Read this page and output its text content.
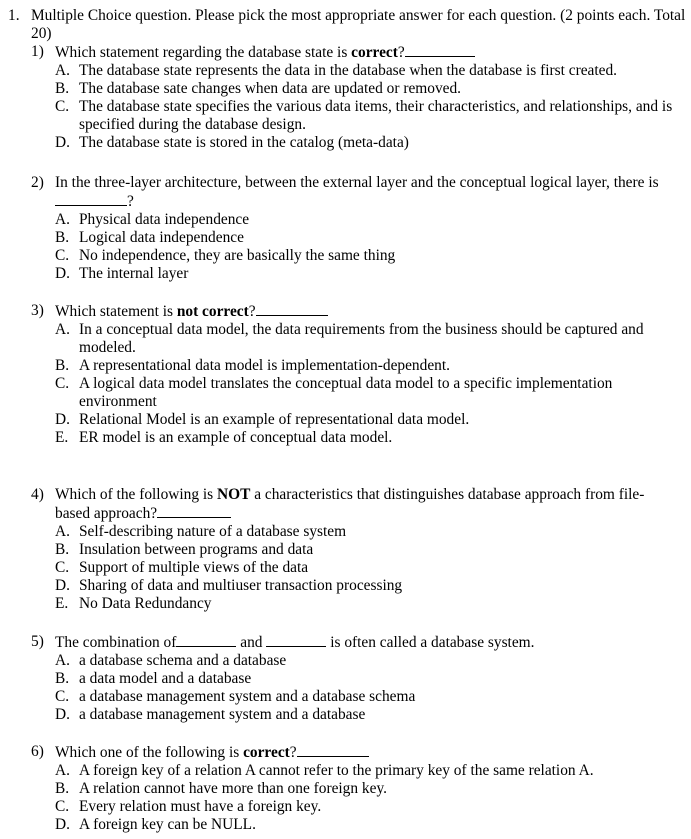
1. Multiple Choice question. Please pick the most appropriate answer for each question. (2 points each. Total 20)
1) Which statement regarding the database state is correct?
A. The database state represents the data in the database when the database is first created.
B. The database sate changes when data are updated or removed.
C. The database state specifies the various data items, their characteristics, and relationships, and is specified during the database design.
D. The database state is stored in the catalog (meta-data)
2) In the three-layer architecture, between the external layer and the conceptual logical layer, there is ?
A. Physical data independence
B. Logical data independence
C. No independence, they are basically the same thing
D. The internal layer
3) Which statement is not correct?
A. In a conceptual data model, the data requirements from the business should be captured and modeled.
B. A representational data model is implementation-dependent.
C. A logical data model translates the conceptual data model to a specific implementation environment
D. Relational Model is an example of representational data model.
E. ER model is an example of conceptual data model.
4) Which of the following is NOT a characteristics that distinguishes database approach from file-based approach?
A. Self-describing nature of a database system
B. Insulation between programs and data
C. Support of multiple views of the data
D. Sharing of data and multiuser transaction processing
E. No Data Redundancy
5) The combination of	and	is often called a database system.
A. a database schema and a database
B. a data model and a database
C. a database management system and a database schema
D. a database management system and a database
6) Which one of the following is correct?
A. A foreign key of a relation A cannot refer to the primary key of the same relation A.
B. A relation cannot have more than one foreign key.
C. Every relation must have a foreign key.
D. A foreign key can be NULL.
